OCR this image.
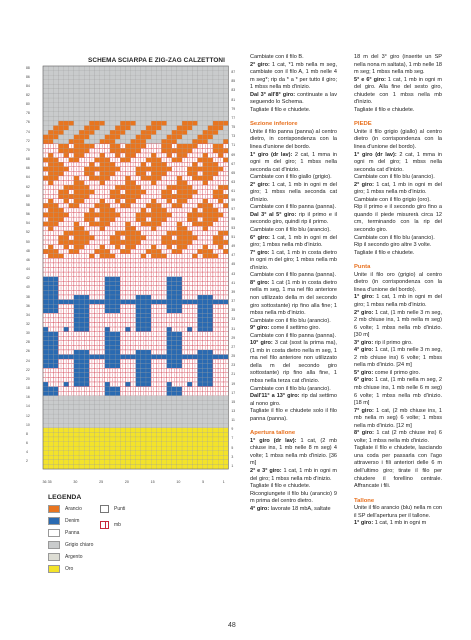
SCHEMA SCIARPA E ZIG-ZAG CALZETTONI
88
86
84
82
80
78
76
74
72
70
68
66
64
62
60
58
56
54
52
50
48
46
44
42
40
38
36
34
32
30
28
26
24
22
20
18
16
14
12
10
8
6
4
2
87
85
83
81
79
77
75
73
71
69
67
65
63
61
59
57
55
53
51
49
47
45
43
41
39
37
35
33
31
29
27
25
23
21
19
17
15
13
11
9
7
5
3
1
36 35	30	25	20	15	10	5	1
LEGENDA
Arancio
Denim
Panna
Grigio chiaro
Argento
Oro
Punti
mb

Cambiate con il filo B.

2° giro: 1 cat, *1 mb nella m seg, cambiate con il filo A, 1 mb nelle 4 m seg*; rip da * a * per tutto il giro; 1 mbss nella mb d'inizio.

Dal 3° all'8° giro: continuate a lav seguendo lo Schema.

Tagliate il filo e chiudete.

Sezione inferiore

Unite il filo panna (panna) al centro dietro, in corrispondenza con la linea d'unione del bordo.

1° giro (dr lav): 2 cat, 1 mma in ogni m del giro; 1 mbss nella seconda cat d'inizio.

Cambiate con il filo giallo (grigio).

2° giro: 1 cat, 1 mb in ogni m del giro; 1 mbss nella seconda cat d'inizio.

Cambiate con il filo panna (panna).

Dal 3° al 5° giro: rip il primo e il secondo giro, quindi rip il primo.

Cambiate con il filo blu (arancio).

6° giro: 1 cat, 1 mb in ogni m del giro; 1 mbss nella mb d'inizio.

7° giro: 1 cat, 1 mb in costa dietro in ogni m del giro; 1 mbss nella mb d'inizio.

Cambiate con il filo panna (panna).

8° giro: 1 cat (1 mb in costa dietro nella m seg, 1 ma nel filo anteriore non utilizzato della m del secondo giro sottostante) rip fino alla fine; 1 mbss nella mb d'inizio.

Cambiate con il filo blu (arancio).

9° giro: come il settimo giro.

Cambiate con il filo panna (panna).

10° giro: 3 cat (sost la prima ma), (1 mb in costa dietro nella m seg, 1 ma nel filo anteriore non utilizzato della m del secondo giro sottostante) rip fino alla fine, 1 mbss nella terza cat d'inizio.

Cambiate con il filo blu (arancio).

Dall'11° a 13° giro: rip dal settimo al nono giro.

Tagliate il filo e chiudete solo il filo panna (panna).

Apertura tallone

1° giro (dr lav): 1 cat, (2 mb chiuse ins, 1 mb nelle 8 m seg) 4 volte; 1 mbss nella mb d'inizio. [36 m]

2° e 3° giro: 1 cat, 1 mb in ogni m del giro; 1 mbss nella mb d'inizio.

Tagliate il filo e chiudete.

Ricongiungete il filo blu (arancio) 9 m prima del centro dietro.

4° giro: lavorate 18 mbA, saltate

18 m del 3° giro (inserite un SP nella nona m saltata), 1 mb nelle 18 m seg; 1 mbss nella mb seg.

5° e 6° giro: 1 cat, 1 mb in ogni m del giro. Alla fine del sesto giro, chiudete con 1 mbss nella mb d'inizio.

Tagliate il filo e chiudete.

PIEDE

Unite il filo grigio (giallo) al centro dietro (in corrispondenza con la linea d'unione del bordo).

1° giro (dr lav): 2 cat, 1 mma in ogni m del giro; 1 mbss nella seconda cat d'inizio.

Cambiate con il filo blu (arancio).

2° giro: 1 cat, 1 mb in ogni m del giro; 1 mbss nella mb d'inizio.

Cambiate con il filo grigio (oro).

Rip il primo e il secondo giro fino a quando il piede misurerà circa 12 cm, terminando con la rip del secondo giro.

Cambiate con il filo blu (arancio).

Rip il secondo giro altre 3 volte.

Tagliate il filo e chiudete.

Punta

Unite il filo oro (grigio) al centro dietro (in corrispondenza con la linea d'unione del bordo).

1° giro: 1 cat, 1 mb in ogni m del giro; 1 mbss nella mb d'inizio.

2° giro: 1 cat, (1 mb nelle 3 m seg, 2 mb chiuse ins, 1 mb nella m seg) 6 volte; 1 mbss nella mb d'inizio. [30 m]

3° giro: rip il primo giro.

4° giro: 1 cat, (1 mb nelle 3 m seg, 2 mb chiuse ins) 6 volte; 1 mbss nella mb d'inizio. [24 m]

5° giro: come il primo giro.

6° giro: 1 cat, (1 mb nella m seg, 2 mb chiuse ins, 1 mb nelle 6 m seg) 6 volte; 1 mbss nella mb d'inizio. [18 m]

7° giro: 1 cat, (2 mb chiuse ins, 1 mb nella m seg) 6 volte; 1 mbss nella mb d'inizio. [12 m]

8° giro: 1 cat (2 mb chiuse ins) 6 volte; 1 mbss nella mb d'inizio.

Tagliate il filo e chiudete, lasciando una coda per passarla con l'ago attraverso i fili anteriori delle 6 m dell'ultimo giro; tirate il filo per chiudere il forellino centrale. Affrancate i fili.

Tallone

Unite il filo arancio (blu) nella m con il SP dell'apertura per il tallone.

1° giro: 1 cat, 1 mb in ogni m

48
